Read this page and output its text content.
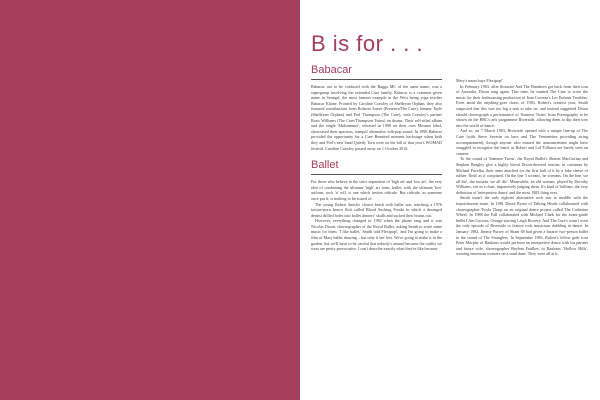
B is for . . .
Babacar

Babacar, not to be confused with the Ragga MC of the same name, was a supergroup involving the extended Cure family. Babacar is a common given name in Senegal, the most famous example in the West being yoga teacher Babacar Khane. Fronted by Caroline Crawley of Shelleyan Orphan, they also featured contributions from Roberto Soave (Presence/The Cure), Jemaur Tayle (Shelleyan Orphan) and Porl Thompson (The Cure), with Crawley's partner Boris Williams (The Cure/Thompson Twins) on drums. Their self-titled album and the single 'Midsummer', released in 1998 on their own Mesmer label, showcased their spacious, tranquil alternative folk-pop sound. In 1996 Babacar provided the opportunity for a Cure Reunited moment backstage when both they and Porl's new band Quietly Torn were on the bill of that year's WOMAD festival. Caroline Crawley passed away on 1 October 2016.

Ballet

For those who believe in the strict separation of 'high art' and 'low art', the very idea of combining the ultimate 'high' art form, ballet, with the ultimate 'low' artform, rock 'n' roll, is one which invites ridicule. But ridicule, as someone once put it, is nothing to be scared of.

The young Robert Smith's closest brush with ballet was watching a 1976 torture-porn horror flick called Blood Sucking Freaks in which a deranged dentist drilled holes into ballet dancers' skulls and sucked their brains out.

However, everything changed in 1982 when the phone rang and it was Nicolas Dixon, choreographer of the Royal Ballet, asking Smith to write some music for them. 'I like ballet,' Smith told Flexipop!, 'and I'm going to make a film of Mary ballet dancing – but only if her feet. We're going to make it in the garden, but we'll have to be careful that nobody's around because the outfits we wear are pretty provocative. I can't describe exactly what they're like because

Mary's mum buys Flexipop!'

In February 1983, after Siouxsie And The Banshees got back from their tour of Australia, Dixon rang again. This time, he wanted The Cure to score the music for their forthcoming production of Jean Cocteau's Les Enfants Terribles. Even amid the anything-goes chaos of 1983, Robert's craziest year, Smith suspected that this was too big a task to take on, and instead suggested Dixon should choreograph a performance of 'Siamese Twins' from Pornography to be shown on the BBC's arts programme Riverside, allowing them to dip their toes into the world of dance.

And so, on 7 March 1983, Riverside opened with a unique line-up of The Cure (with Steve Severin on bass and The Venomettes providing string accompaniment), though anyone who missed the announcement might have struggled to recognise the band, as Robert and Lol Tolhurst are barely seen on camera.

To the sound of 'Siamese Twins', the Royal Ballet's Sharon MacGorian and Stephen Beagley give a highly literal Dixon-directed routine, in costumes by Michael Pavelka, their arms attached for the first half of it by a fake sleeve of rubber 'flesh' as if conjoined. On the line 'I scream', he screams. On the line 'we all die', she mouths 'we all die'. Meanwhile, an old woman, played by Dorothy Williams, sits in a chair, impassively judging them. It's kind of brilliant, the very definition of 'interpretive dance' and the most 1983 thing ever.

Smith wasn't the only eighties alternative rock star to meddle with the terpsichorean muse. In 1981 David Byrne of Talking Heads collaborated with choreographer Twyla Tharp on an original dance project called The Catherine Wheel. In 1988 the Fall collaborated with Michael Clark for the avant-garde ballet I Am Curious, Orange starring Leigh Bowery. And The Cure's wasn't even the only episode of Riverside to feature rock musicians dabbling in dance. In January 1982, Jimmy Pursey of Sham 69 had given a bizarre two-person ballet to the sound of The Stranglers. In September 1983, Robert's fellow goth icon Peter Murphy of Bauhaus would perform an interpretive dance with his partner and future wife, choreographer Beyhan Foulkes, to Bauhaus' 'Hollow Hills', wearing enormous trousers on a sand dune. They were all at it.
